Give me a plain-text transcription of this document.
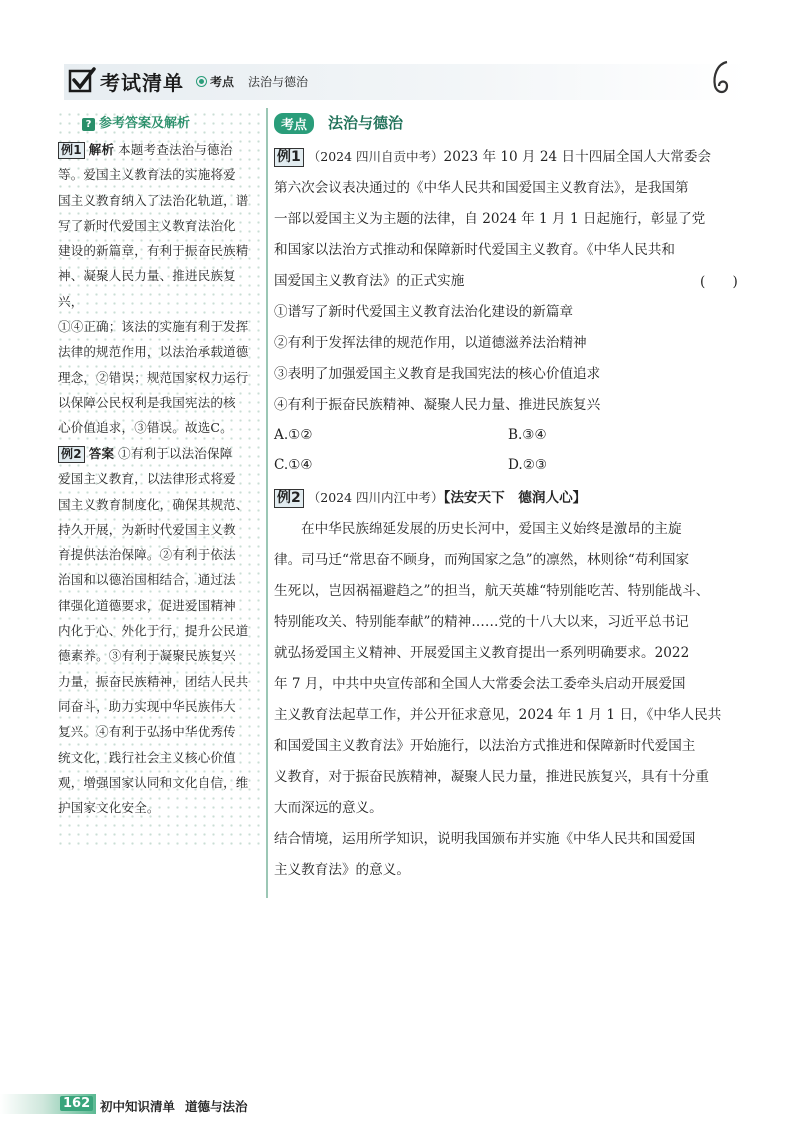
考试清单	考点 法治与德治
? 参考答案及解析
例1 解析 本题考查法治与德治
等。爱国主义教育法的实施将爱
国主义教育纳入了法治化轨道，谱
写了新时代爱国主义教育法治化
建设的新篇章，有利于振奋民族精
神、凝聚人民力量、推进民族复兴，
①④正确；该法的实施有利于发挥
法律的规范作用，以法治承载道德
理念，②错误；规范国家权力运行
以保障公民权利是我国宪法的核
心价值追求，③错误。故选C。
例2 答案 ①有利于以法治保障
爱国主义教育，以法律形式将爱
国主义教育制度化，确保其规范、
持久开展，为新时代爱国主义教
育提供法治保障。②有利于依法
治国和以德治国相结合，通过法
律强化道德要求，促进爱国精神
内化于心、外化于行，提升公民道
德素养。③有利于凝聚民族复兴
力量，振奋民族精神，团结人民共
同奋斗，助力实现中华民族伟大
复兴。④有利于弘扬中华优秀传
统文化，践行社会主义核心价值
观，增强国家认同和文化自信，维
护国家文化安全。
考点	法治与德治
例1 （2024 四川自贡中考）2023 年 10 月 24 日十四届全国人大常委会
第六次会议表决通过的《中华人民共和国爱国主义教育法》，是我国第
一部以爱国主义为主题的法律，自 2024 年 1 月 1 日起施行，彰显了党
和国家以法治方式推动和保障新时代爱国主义教育。《中华人民共和
国爱国主义教育法》的正式实施
①谱写了新时代爱国主义教育法治化建设的新篇章
②有利于发挥法律的规范作用，以道德滋养法治精神
③表明了加强爱国主义教育是我国宪法的核心价值追求
④有利于振奋民族精神、凝聚人民力量、推进民族复兴
(　　)
A.①②	B.③④
C.①④	D.②③
例2 （2024 四川内江中考）【法安天下　德润人心】
在中华民族绵延发展的历史长河中，爱国主义始终是激昂的主旋
律。司马迁“常思奋不顾身，而殉国家之急”的凛然，林则徐“苟利国家
生死以，岂因祸福避趋之”的担当，航天英雄“特别能吃苦、特别能战斗、
特别能攻关、特别能奉献”的精神……党的十八大以来，习近平总书记
就弘扬爱国主义精神、开展爱国主义教育提出一系列明确要求。2022
年 7 月，中共中央宣传部和全国人大常委会法工委牵头启动开展爱国
主义教育法起草工作，并公开征求意见，2024 年 1 月 1 日，《中华人民共
和国爱国主义教育法》开始施行，以法治方式推进和保障新时代爱国主
义教育，对于振奋民族精神，凝聚人民力量，推进民族复兴，具有十分重
大而深远的意义。
结合情境，运用所学知识，说明我国颁布并实施《中华人民共和国爱国
主义教育法》的意义。
162 初中知识清单 道德与法治
